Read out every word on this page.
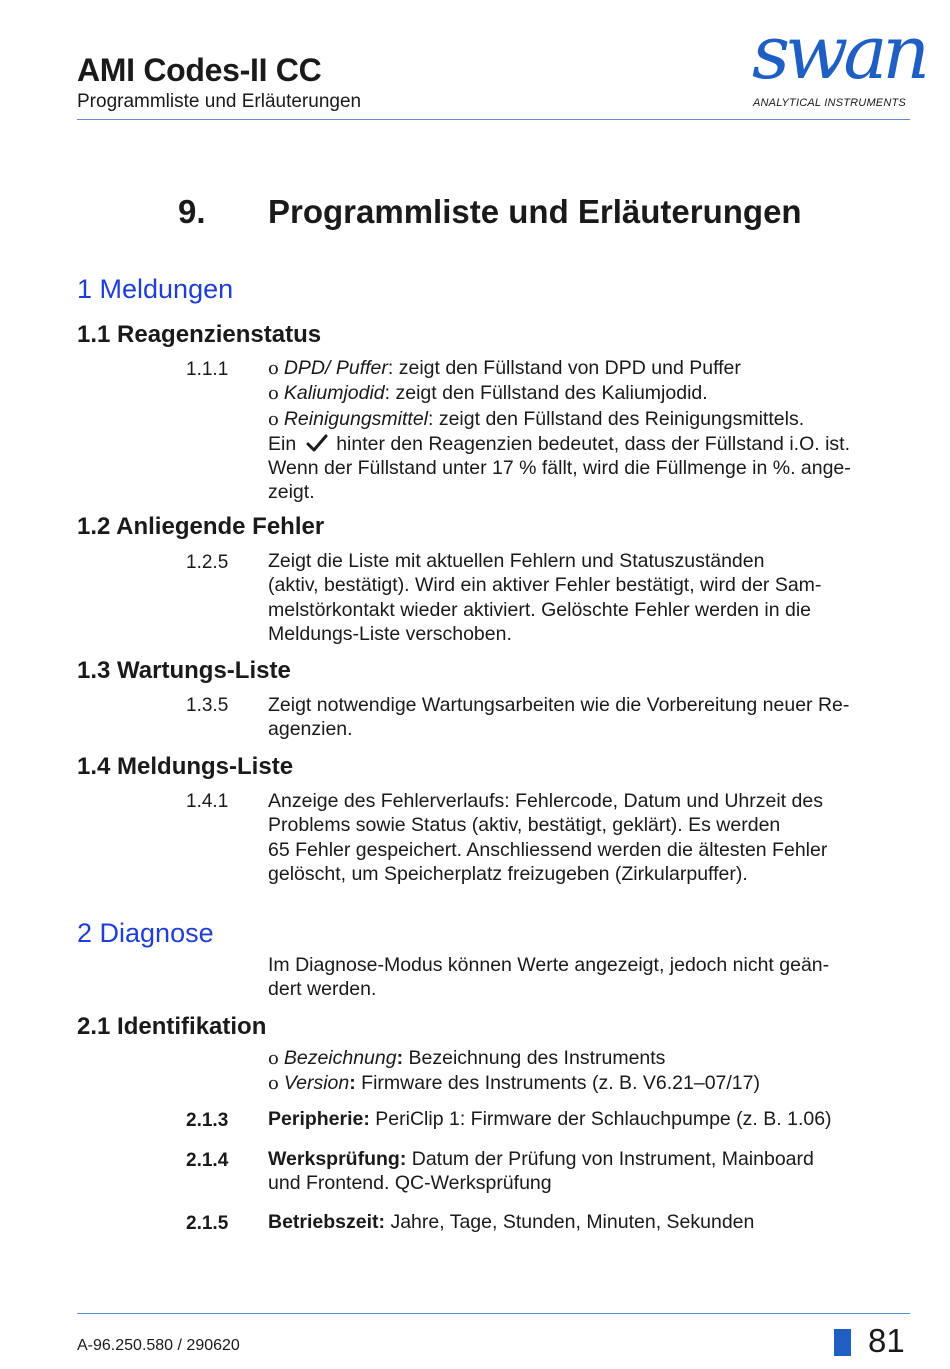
AMI Codes-II CC
Programmliste und Erläuterungen
swan
ANALYTICAL INSTRUMENTS
9. Programmliste und Erläuterungen
1 Meldungen
1.1 Reagenzienstatus
1.1.1 ο DPD/ Puffer: zeigt den Füllstand von DPD und Puffer
ο Kaliumjodid: zeigt den Füllstand des Kaliumjodid.
ο Reinigungsmittel: zeigt den Füllstand des Reinigungsmittels.
Ein hinter den Reagenzien bedeutet, dass der Füllstand i.O. ist.
Wenn der Füllstand unter 17 % fällt, wird die Füllmenge in %. ange-
zeigt.
1.2 Anliegende Fehler
1.2.5 Zeigt die Liste mit aktuellen Fehlern und Statuszuständen
(aktiv, bestätigt). Wird ein aktiver Fehler bestätigt, wird der Sam-
melstörkontakt wieder aktiviert. Gelöschte Fehler werden in die
Meldungs-Liste verschoben.
1.3 Wartungs-Liste
1.3.5 Zeigt notwendige Wartungsarbeiten wie die Vorbereitung neuer Re-
agenzien.
1.4 Meldungs-Liste
1.4.1 Anzeige des Fehlerverlaufs: Fehlercode, Datum und Uhrzeit des
Problems sowie Status (aktiv, bestätigt, geklärt). Es werden
65 Fehler gespeichert. Anschliessend werden die ältesten Fehler
gelöscht, um Speicherplatz freizugeben (Zirkularpuffer).
2 Diagnose
Im Diagnose-Modus können Werte angezeigt, jedoch nicht geän-
dert werden.
2.1 Identifikation
ο Bezeichnung: Bezeichnung des Instruments
ο Version: Firmware des Instruments (z. B. V6.21–07/17)
2.1.3 Peripherie: PeriClip 1: Firmware der Schlauchpumpe (z. B. 1.06)
2.1.4 Werksprüfung: Datum der Prüfung von Instrument, Mainboard
und Frontend. QC-Werksprüfung
2.1.5 Betriebszeit: Jahre, Tage, Stunden, Minuten, Sekunden
A-96.250.580 / 290620	81
